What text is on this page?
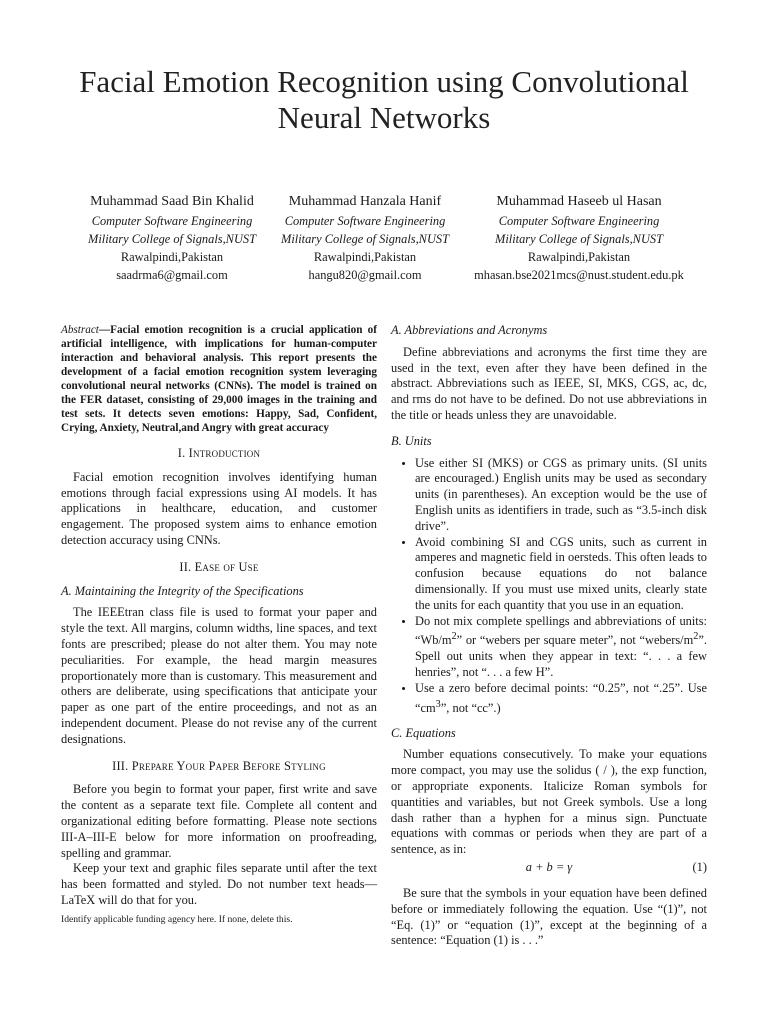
Facial Emotion Recognition using Convolutional
Neural Networks
Muhammad Saad Bin Khalid
Computer Software Engineering
Military College of Signals,NUST
Rawalpindi,Pakistan
saadrma6@gmail.com
Muhammad Hanzala Hanif
Computer Software Engineering
Military College of Signals,NUST
Rawalpindi,Pakistan
hangu820@gmail.com
Muhammad Haseeb ul Hasan
Computer Software Engineering
Military College of Signals,NUST
Rawalpindi,Pakistan
mhasan.bse2021mcs@nust.student.edu.pk
Abstract—Facial emotion recognition is a crucial application of artificial intelligence, with implications for human-computer interaction and behavioral analysis. This report presents the development of a facial emotion recognition system leveraging convolutional neural networks (CNNs). The model is trained on the FER dataset, consisting of 29,000 images in the training and test sets. It detects seven emotions: Happy, Sad, Confident, Crying, Anxiety, Neutral,and Angry with great accuracy
I. Introduction

Facial emotion recognition involves identifying human emotions through facial expressions using AI models. It has applications in healthcare, education, and customer engagement. The proposed system aims to enhance emotion detection accuracy using CNNs.

II. Ease of Use
A. Maintaining the Integrity of the Specifications

The IEEEtran class file is used to format your paper and style the text. All margins, column widths, line spaces, and text fonts are prescribed; please do not alter them. You may note peculiarities. For example, the head margin measures proportionately more than is customary. This measurement and others are deliberate, using specifications that anticipate your paper as one part of the entire proceedings, and not as an independent document. Please do not revise any of the current designations.

III. Prepare Your Paper Before Styling

Before you begin to format your paper, first write and save the content as a separate text file. Complete all content and organizational editing before formatting. Please note sections III-A–III-E below for more information on proofreading, spelling and grammar.

Keep your text and graphic files separate until after the text has been formatted and styled. Do not number text heads—LaTeX will do that for you.

Identify applicable funding agency here. If none, delete this.
A. Abbreviations and Acronyms

Define abbreviations and acronyms the first time they are used in the text, even after they have been defined in the abstract. Abbreviations such as IEEE, SI, MKS, CGS, ac, dc, and rms do not have to be defined. Do not use abbreviations in the title or heads unless they are unavoidable.

B. Units
• Use either SI (MKS) or CGS as primary units. (SI units are encouraged.) English units may be used as secondary units (in parentheses). An exception would be the use of English units as identifiers in trade, such as “3.5-inch disk drive”.
• Avoid combining SI and CGS units, such as current in amperes and magnetic field in oersteds. This often leads to confusion because equations do not balance dimensionally. If you must use mixed units, clearly state the units for each quantity that you use in an equation.
• Do not mix complete spellings and abbreviations of units: “$Wb/m^2$” or “webers per square meter”, not “$webers/m^2$”. Spell out units when they appear in text: “. . . a few henries”, not “. . . a few H”.
• Use a zero before decimal points: “0.25”, not “.25”. Use “$cm^3$”, not “cc”.)
C. Equations

Number equations consecutively. To make your equations more compact, you may use the solidus ( / ), the exp function, or appropriate exponents. Italicize Roman symbols for quantities and variables, but not Greek symbols. Use a long dash rather than a hyphen for a minus sign. Punctuate equations with commas or periods when they are part of a sentence, as in:

a + b = γ	(1)

Be sure that the symbols in your equation have been defined before or immediately following the equation. Use “(1)”, not “Eq. (1)” or “equation (1)”, except at the beginning of a sentence: “Equation (1) is . . .”
